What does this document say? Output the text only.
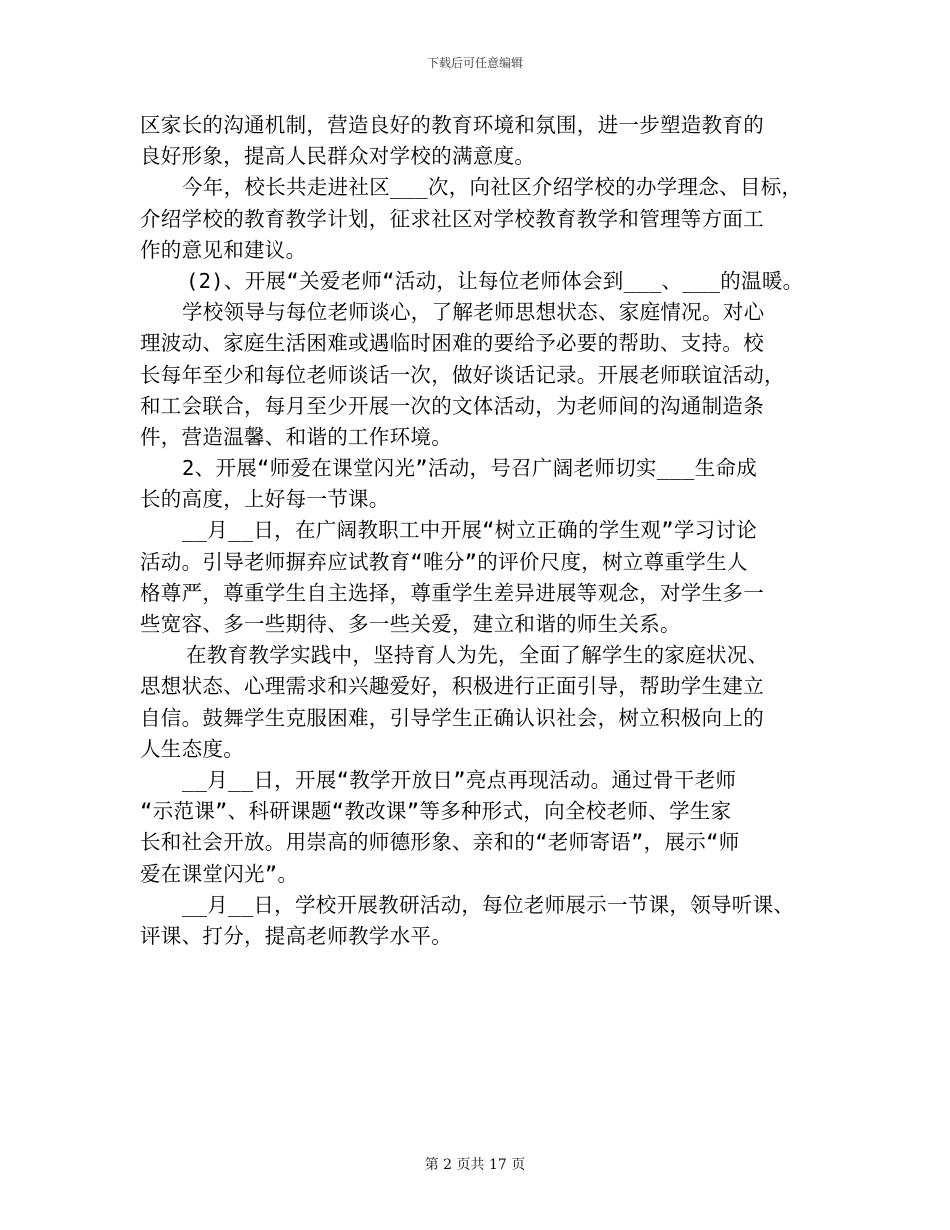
下载后可任意编辑
区家长的沟通机制，营造良好的教育环境和氛围，进一步塑造教育的
良好形象，提高人民群众对学校的满意度。
今年，校长共走进社区___次，向社区介绍学校的办学理念、目标，
介绍学校的教育教学计划，征求社区对学校教育教学和管理等方面工
作的意见和建议。
(2)、开展“关爱老师“活动，让每位老师体会到___、___的温暖。
学校领导与每位老师谈心，了解老师思想状态、家庭情况。对心
理波动、家庭生活困难或遇临时困难的要给予必要的帮助、支持。校
长每年至少和每位老师谈话一次，做好谈话记录。开展老师联谊活动，
和工会联合，每月至少开展一次的文体活动，为老师间的沟通制造条
件，营造温馨、和谐的工作环境。
2、开展“师爱在课堂闪光”活动，号召广阔老师切实___生命成
长的高度，上好每一节课。
__月__日，在广阔教职工中开展“树立正确的学生观”学习讨论
活动。引导老师摒弃应试教育“唯分”的评价尺度，树立尊重学生人
格尊严，尊重学生自主选择，尊重学生差异进展等观念，对学生多一
些宽容、多一些期待、多一些关爱，建立和谐的师生关系。
在教育教学实践中，坚持育人为先，全面了解学生的家庭状况、
思想状态、心理需求和兴趣爱好，积极进行正面引导，帮助学生建立
自信。鼓舞学生克服困难，引导学生正确认识社会，树立积极向上的
人生态度。
__月__日，开展“教学开放日”亮点再现活动。通过骨干老师
“示范课”、科研课题“教改课”等多种形式，向全校老师、学生家
长和社会开放。用崇高的师德形象、亲和的“老师寄语”，展示“师
爱在课堂闪光”。
__月__日，学校开展教研活动，每位老师展示一节课，领导听课、
评课、打分，提高老师教学水平。
第 2 页共 17 页
